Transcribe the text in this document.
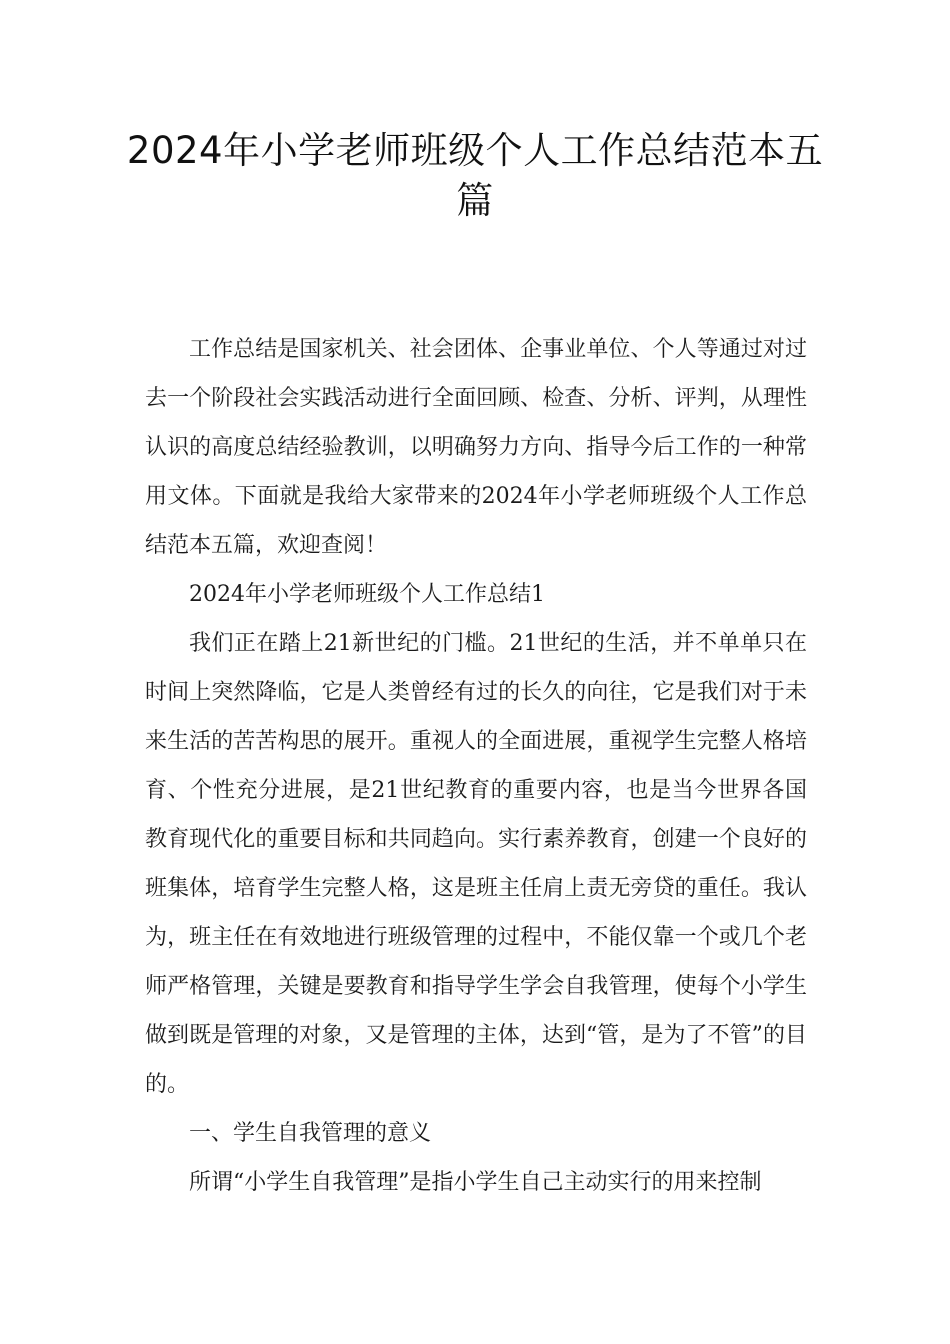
2024年小学老师班级个人工作总结范本五篇

工作总结是国家机关、社会团体、企事业单位、个人等通过对过去一个阶段社会实践活动进行全面回顾、检查、分析、评判，从理性认识的高度总结经验教训，以明确努力方向、指导今后工作的一种常用文体。下面就是我给大家带来的2024年小学老师班级个人工作总结范本五篇，欢迎查阅！

2024年小学老师班级个人工作总结1

我们正在踏上21新世纪的门槛。21世纪的生活，并不单单只在时间上突然降临，它是人类曾经有过的长久的向往，它是我们对于未来生活的苦苦构思的展开。重视人的全面进展，重视学生完整人格培育、个性充分进展，是21世纪教育的重要内容，也是当今世界各国教育现代化的重要目标和共同趋向。实行素养教育，创建一个良好的班集体，培育学生完整人格，这是班主任肩上责无旁贷的重任。我认为，班主任在有效地进行班级管理的过程中，不能仅靠一个或几个老师严格管理，关键是要教育和指导学生学会自我管理，使每个小学生做到既是管理的对象，又是管理的主体，达到“管，是为了不管”的目的。

一、学生自我管理的意义

所谓“小学生自我管理”是指小学生自己主动实行的用来控制
